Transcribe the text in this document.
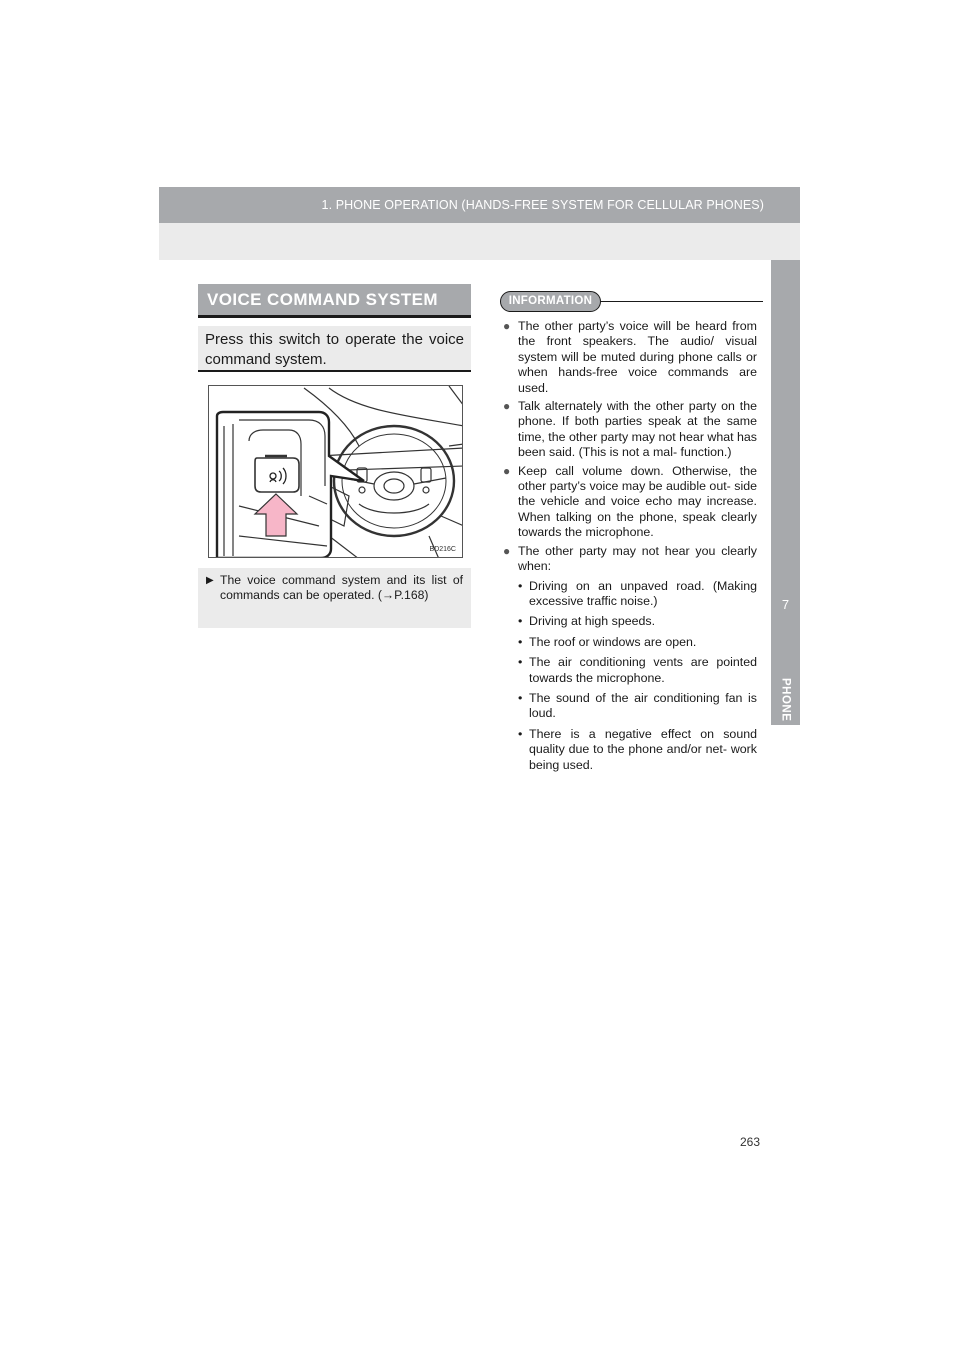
1. PHONE OPERATION (HANDS-FREE SYSTEM FOR CELLULAR PHONES)
7
PHONE
VOICE COMMAND SYSTEM
Press this switch to operate the voice command system.
BD216C
▶ The voice command system and its list of commands can be operated. (→P.168)
INFORMATION
● The other party’s voice will be heard from the front speakers. The audio/ visual system will be muted during phone calls or when hands-free voice commands are used.
● Talk alternately with the other party on the phone. If both parties speak at the same time, the other party may not hear what has been said. (This is not a mal- function.)
● Keep call volume down. Otherwise, the other party’s voice may be audible out- side the vehicle and voice echo may increase. When talking on the phone, speak clearly towards the microphone.
● The other party may not hear you clearly when:
• Driving on an unpaved road. (Making excessive traffic noise.)
• Driving at high speeds.
• The roof or windows are open.
• The air conditioning vents are pointed towards the microphone.
• The sound of the air conditioning fan is loud.
• There is a negative effect on sound quality due to the phone and/or net- work being used.
263
